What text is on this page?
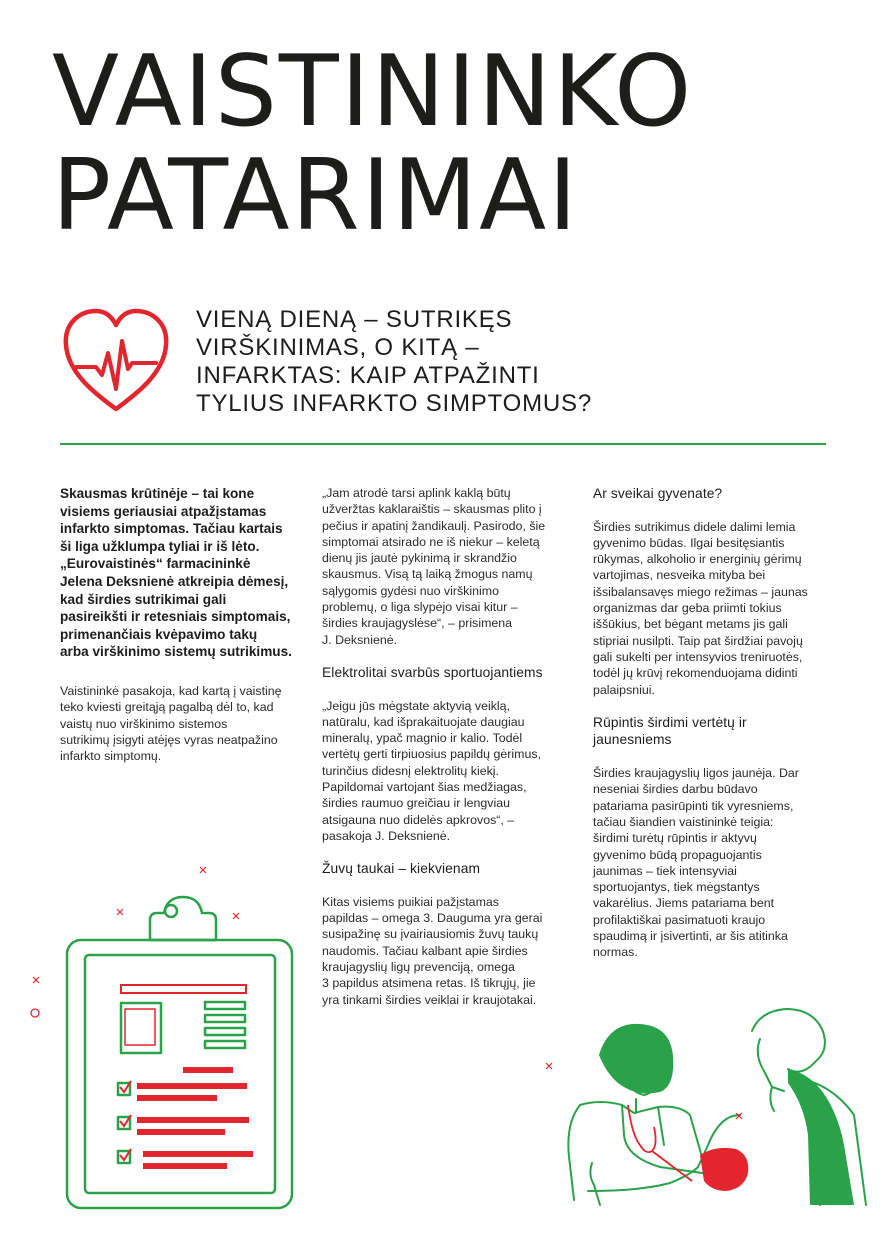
VAISTININKO
PATARIMAI
VIENĄ DIENĄ – SUTRIKĘS
VIRŠKINIMAS, O KITĄ –
INFARKTAS: KAIP ATPAŽINTI
TYLIUS INFARKTO SIMPTOMUS?

Skausmas krūtinėje – tai kone
visiems geriausiai atpažįstamas
infarkto simptomas. Tačiau kartais
ši liga užklumpa tyliai ir iš lėto.
„Eurovaistinės“ farmacininkė
Jelena Deksnienė atkreipia dėmesį,
kad širdies sutrikimai gali
pasireikšti ir retesniais simptomais,
primenančiais kvėpavimo takų
arba virškinimo sistemų sutrikimus.

Vaistininkė pasakoja, kad kartą į vaistinę
teko kviesti greitąją pagalbą dėl to, kad
vaistų nuo virškinimo sistemos
sutrikimų įsigyti atėjęs vyras neatpažino
infarkto simptomų.

„Jam atrodė tarsi aplink kaklą būtų
užveržtas kaklaraištis – skausmas plito į
pečius ir apatinį žandikaulį. Pasirodo, šie
simptomai atsirado ne iš niekur – keletą
dienų jis jautė pykinimą ir skrandžio
skausmus. Visą tą laiką žmogus namų
sąlygomis gydėsi nuo virškinimo
problemų, o liga slypėjo visai kitur –
širdies kraujagyslėse“, – prisimena
J. Deksnienė.

Elektrolitai svarbūs sportuojantiems

„Jeigu jūs mėgstate aktyvią veiklą,
natūralu, kad išprakaituojate daugiau
mineralų, ypač magnio ir kalio. Todėl
vertėtų gerti tirpiuosius papildų gėrimus,
turinčius didesnį elektrolitų kiekį.
Papildomai vartojant šias medžiagas,
širdies raumuo greičiau ir lengviau
atsigauna nuo didelės apkrovos“, –
pasakoja J. Deksnienė.

Žuvų taukai – kiekvienam

Kitas visiems puikiai pažįstamas
papildas – omega 3. Dauguma yra gerai
susipažinę su įvairiausiomis žuvų taukų
naudomis. Tačiau kalbant apie širdies
kraujagyslių ligų prevenciją, omega
3 papildus atsimena retas. Iš tikrųjų, jie
yra tinkami širdies veiklai ir kraujotakai.

Ar sveikai gyvenate?

Širdies sutrikimus didele dalimi lemia
gyvenimo būdas. Ilgai besitęsiantis
rūkymas, alkoholio ir energinių gėrimų
vartojimas, nesveika mityba bei
išsibalansavęs miego režimas – jaunas
organizmas dar geba priimti tokius
iššūkius, bet bėgant metams jis gali
stipriai nusilpti. Taip pat širdžiai pavojų
gali sukelti per intensyvios treniruotės,
todėl jų krūvį rekomenduojama didinti
palaipsniui.

Rūpintis širdimi vertėtų ir
jaunesniems

Širdies kraujagyslių ligos jaunėja. Dar
neseniai širdies darbu būdavo
patariama pasirūpinti tik vyresniems,
tačiau šiandien vaistininkė teigia:
širdimi turėtų rūpintis ir aktyvų
gyvenimo būdą propaguojantis
jaunimas – tiek intensyviai
sportuojantys, tiek mėgstantys
vakarėlius. Jiems patariama bent
profilaktiškai pasimatuoti kraujo
spaudimą ir įsivertinti, ar šis atitinka
normas.
